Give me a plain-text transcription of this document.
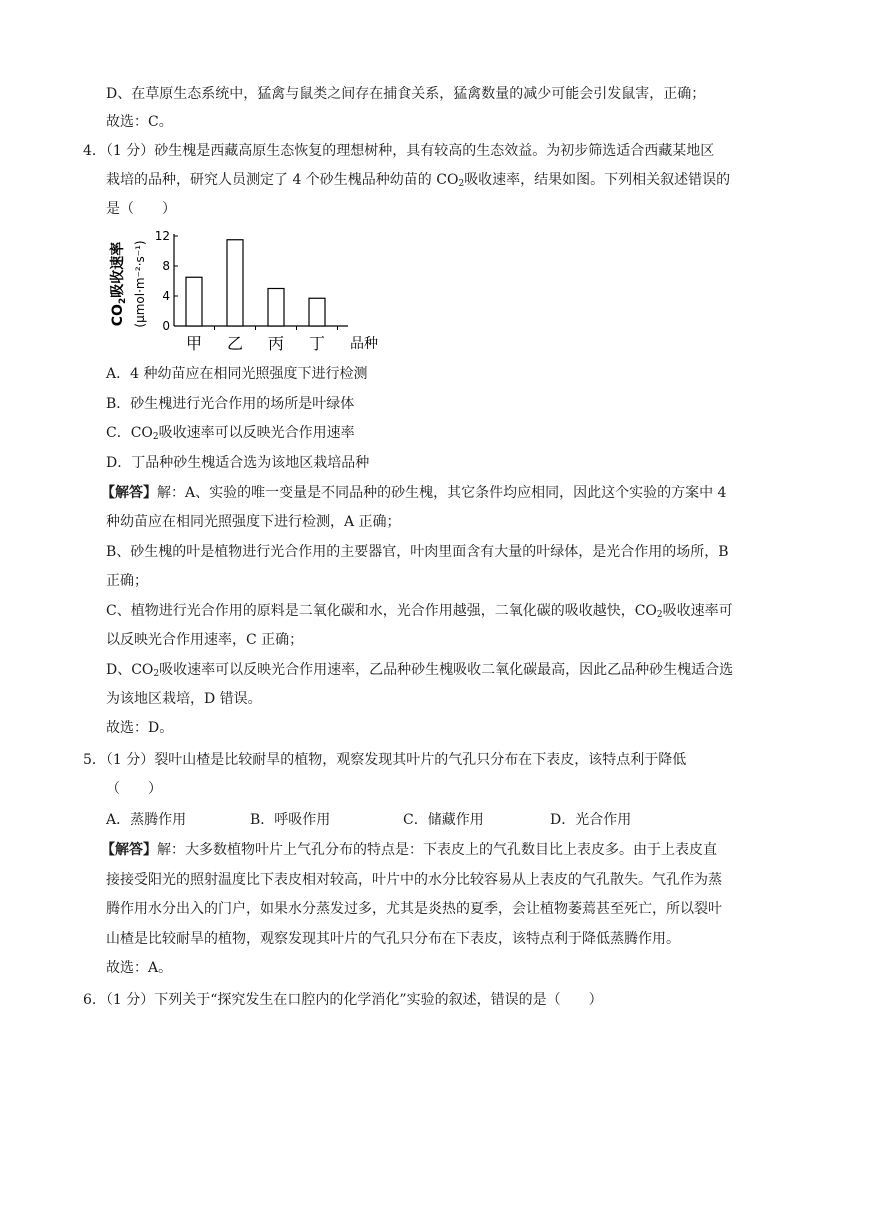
D、在草原生态系统中，猛禽与鼠类之间存在捕食关系，猛禽数量的减少可能会引发鼠害，正确；
故选：C。
4．（1 分）砂生槐是西藏高原生态恢复的理想树种，具有较高的生态效益。为初步筛选适合西藏某地区
栽培的品种，研究人员测定了 4 个砂生槐品种幼苗的 $CO_2$吸收速率，结果如图。下列相关叙述错误的
是（　　）
0
4
8
12
甲 乙 丙 丁 品种
$CO_2$吸收速率 (μmol·m⁻²·s⁻¹)
A．4 种幼苗应在相同光照强度下进行检测
B．砂生槐进行光合作用的场所是叶绿体
C．$CO_2$吸收速率可以反映光合作用速率
D．丁品种砂生槐适合选为该地区栽培品种
【解答】解：A、实验的唯一变量是不同品种的砂生槐，其它条件均应相同，因此这个实验的方案中 4
种幼苗应在相同光照强度下进行检测，A 正确；
B、砂生槐的叶是植物进行光合作用的主要器官，叶肉里面含有大量的叶绿体，是光合作用的场所，B
正确；
C、植物进行光合作用的原料是二氧化碳和水，光合作用越强，二氧化碳的吸收越快，$CO_2$吸收速率可
以反映光合作用速率，C 正确；
D、$CO_2$吸收速率可以反映光合作用速率，乙品种砂生槐吸收二氧化碳最高，因此乙品种砂生槐适合选
为该地区栽培，D 错误。
故选：D。
5．（1 分）裂叶山楂是比较耐旱的植物，观察发现其叶片的气孔只分布在下表皮，该特点利于降低
（　　）
A．蒸腾作用	B．呼吸作用	C．储藏作用	D．光合作用
【解答】解：大多数植物叶片上气孔分布的特点是：下表皮上的气孔数目比上表皮多。由于上表皮直
接接受阳光的照射温度比下表皮相对较高，叶片中的水分比较容易从上表皮的气孔散失。气孔作为蒸
腾作用水分出入的门户，如果水分蒸发过多，尤其是炎热的夏季，会让植物萎蔫甚至死亡，所以裂叶
山楂是比较耐旱的植物，观察发现其叶片的气孔只分布在下表皮，该特点利于降低蒸腾作用。
故选：A。
6．（1 分）下列关于“探究发生在口腔内的化学消化”实验的叙述，错误的是（　　）
